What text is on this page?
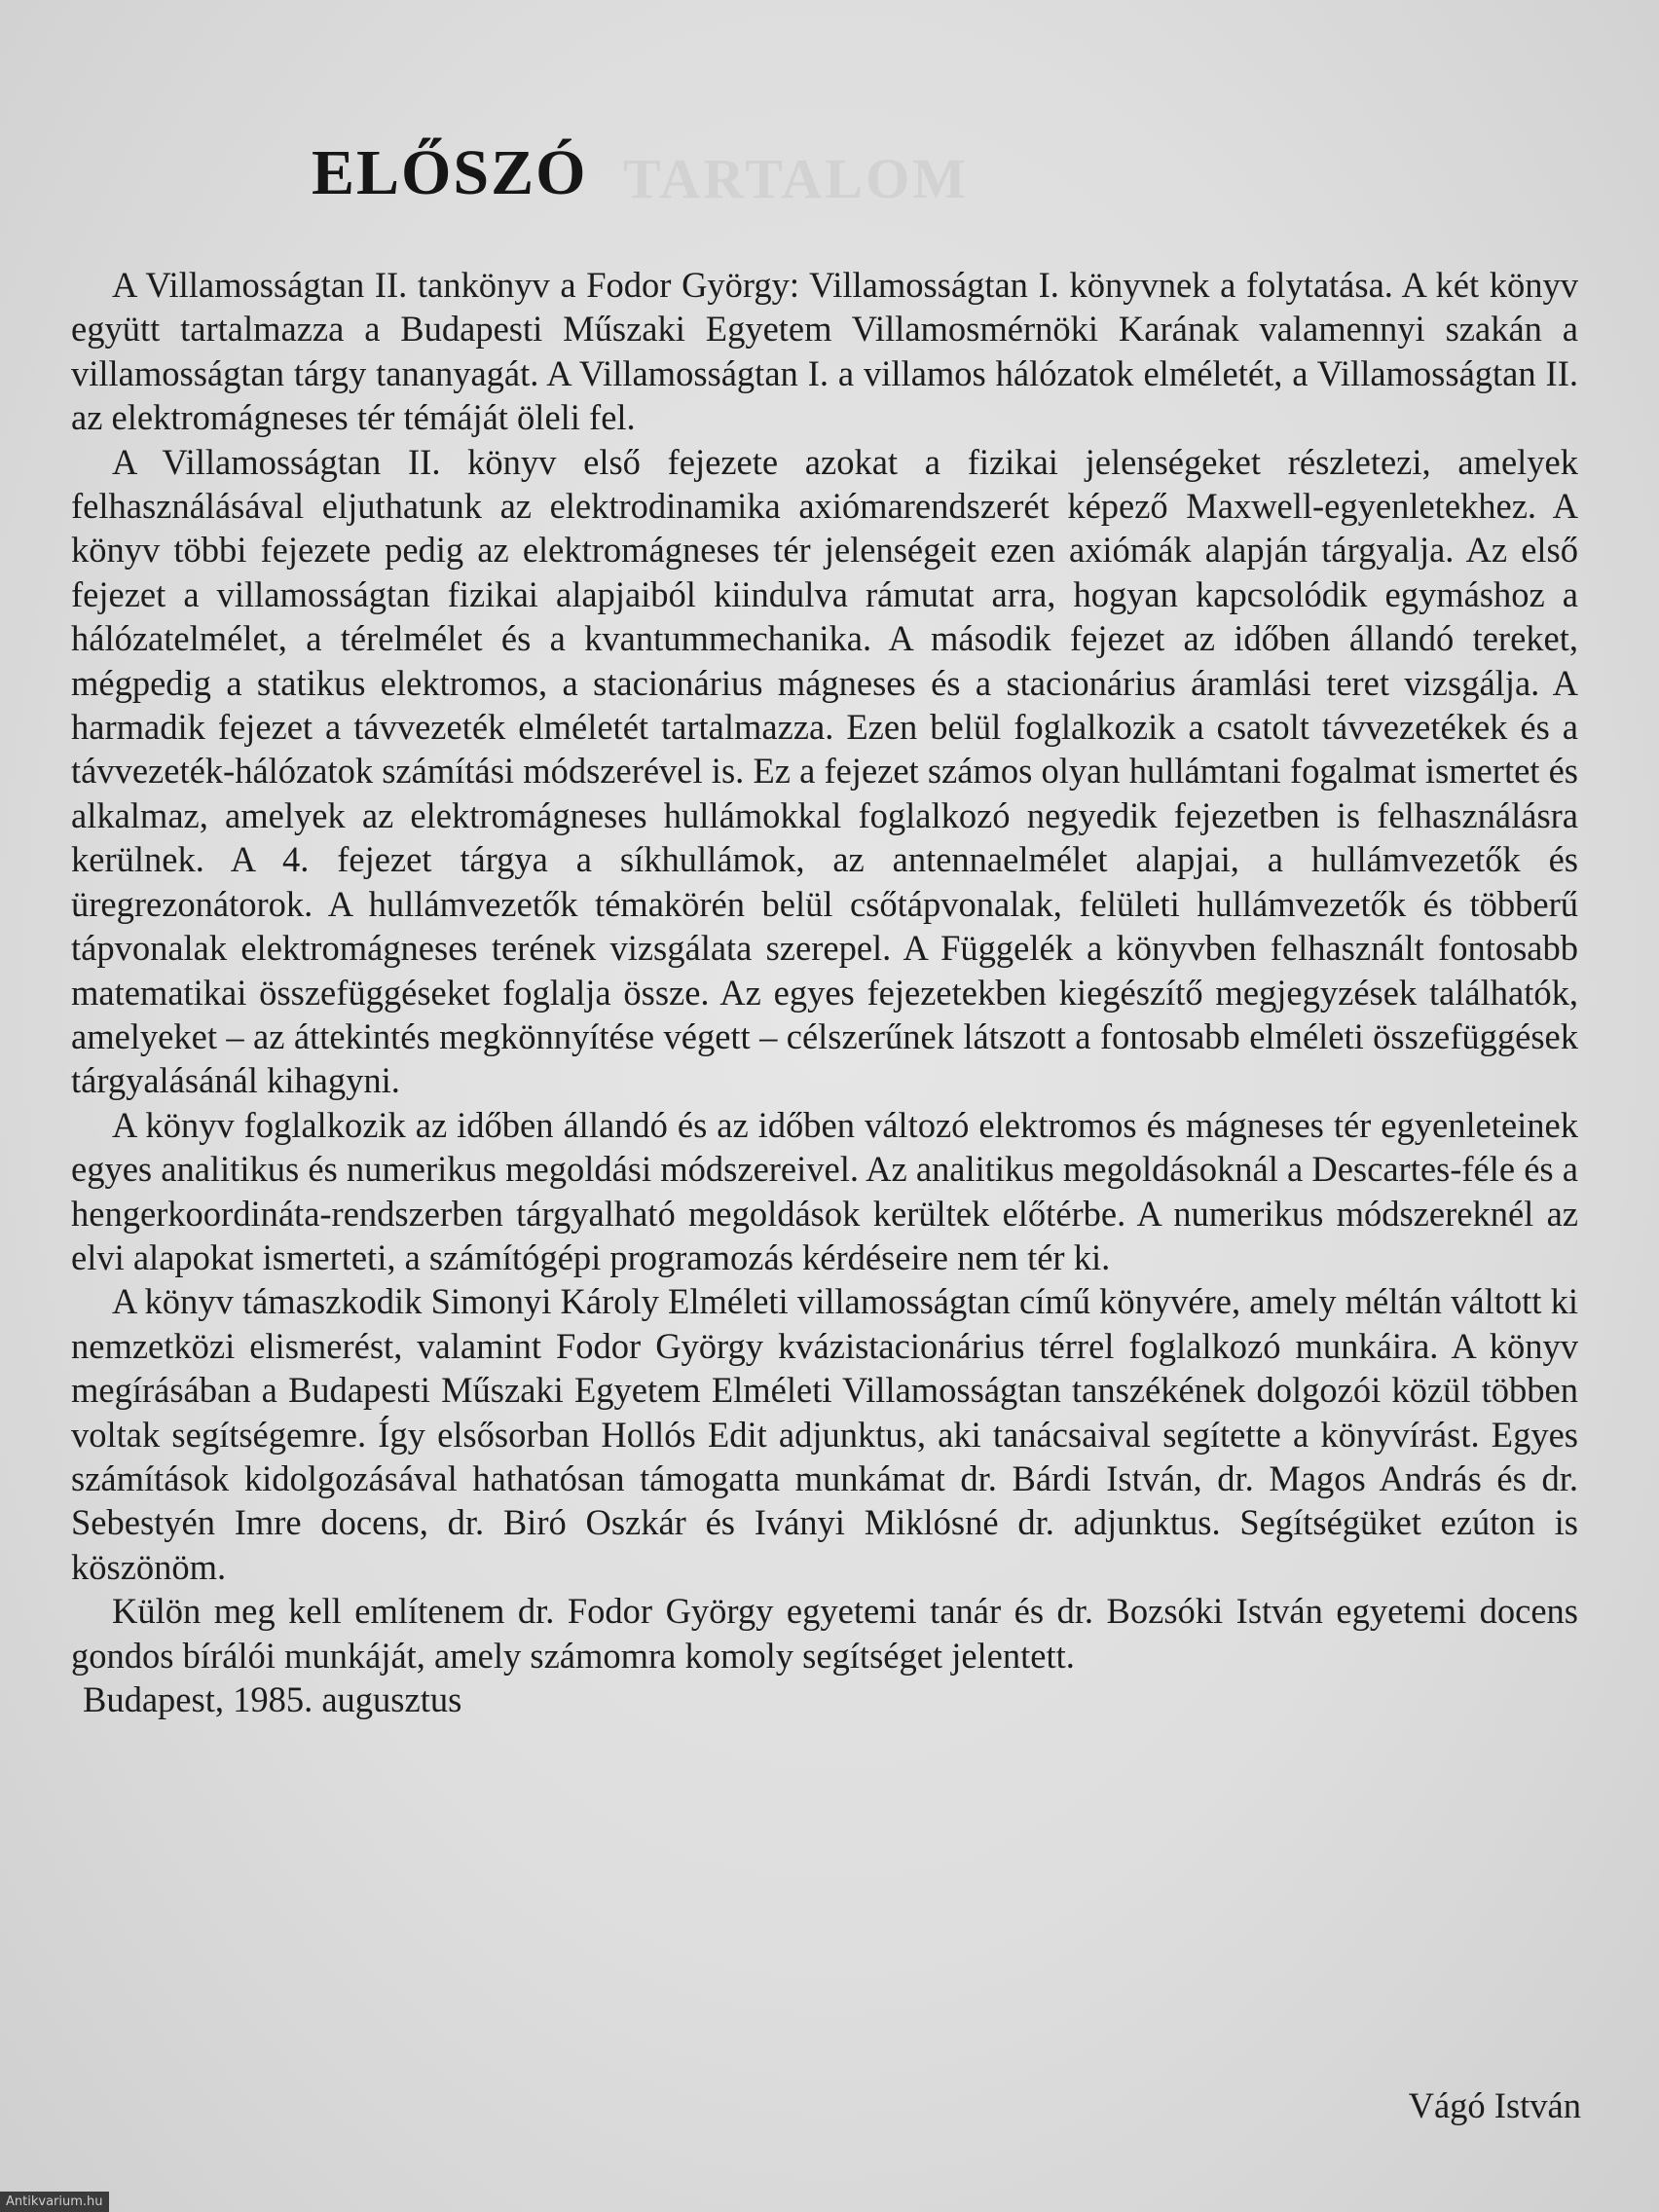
TARTALOM
ELŐSZÓ

A Villamosságtan II. tankönyv a Fodor György: Villamosságtan I. könyvnek a folytatása. A két könyv együtt tartalmazza a Budapesti Műszaki Egyetem Villamosmérnöki Karának valamennyi szakán a villamosságtan tárgy tananyagát. A Villamosságtan I. a villamos hálózatok elméletét, a Villamosságtan II. az elektromágneses tér témáját öleli fel.

A Villamosságtan II. könyv első fejezete azokat a fizikai jelenségeket részletezi, amelyek felhasználásával eljuthatunk az elektrodinamika axiómarendszerét képező Maxwell-egyenletekhez. A könyv többi fejezete pedig az elektromágneses tér jelenségeit ezen axiómák alapján tárgyalja. Az első fejezet a villamosságtan fizikai alapjaiból kiindulva rámutat arra, hogyan kapcsolódik egymáshoz a hálózatelmélet, a térelmélet és a kvantummechanika. A második fejezet az időben állandó tereket, mégpedig a statikus elektromos, a stacionárius mágneses és a stacionárius áramlási teret vizsgálja. A harmadik fejezet a távvezeték elméletét tartalmazza. Ezen belül foglalkozik a csatolt távvezetékek és a távvezeték-hálózatok számítási módszerével is. Ez a fejezet számos olyan hullámtani fogalmat ismertet és alkalmaz, amelyek az elektromágneses hullámokkal foglalkozó negyedik fejezetben is felhasználásra kerülnek. A 4. fejezet tárgya a síkhullámok, az antennaelmélet alapjai, a hullámvezetők és üregrezonátorok. A hullámvezetők témakörén belül csőtápvonalak, felületi hullámvezetők és többerű tápvonalak elektromágneses terének vizsgálata szerepel. A Függelék a könyvben felhasznált fontosabb matematikai összefüggéseket foglalja össze. Az egyes fejezetekben kiegészítő megjegyzések találhatók, amelyeket – az áttekintés megkönnyítése végett – célszerűnek látszott a fontosabb elméleti összefüggések tárgyalásánál kihagyni.

A könyv foglalkozik az időben állandó és az időben változó elektromos és mágneses tér egyenleteinek egyes analitikus és numerikus megoldási módszereivel. Az analitikus megoldásoknál a Descartes-féle és a hengerkoordináta-rendszerben tárgyalható megoldások kerültek előtérbe. A numerikus módszereknél az elvi alapokat ismerteti, a számítógépi programozás kérdéseire nem tér ki.

A könyv támaszkodik Simonyi Károly Elméleti villamosságtan című könyvére, amely méltán váltott ki nemzetközi elismerést, valamint Fodor György kvázistacionárius térrel foglalkozó munkáira. A könyv megírásában a Budapesti Műszaki Egyetem Elméleti Villamosságtan tanszékének dolgozói közül többen voltak segítségemre. Így elsősorban Hollós Edit adjunktus, aki tanácsaival segítette a könyvírást. Egyes számítások kidolgozásával hathatósan támogatta munkámat dr. Bárdi István, dr. Magos András és dr. Sebestyén Imre docens, dr. Biró Oszkár és Iványi Miklósné dr. adjunktus. Segítségüket ezúton is köszönöm.

Külön meg kell említenem dr. Fodor György egyetemi tanár és dr. Bozsóki István egyetemi docens gondos bírálói munkáját, amely számomra komoly segítséget jelentett.

Budapest, 1985. augusztus

Vágó István

Antikvarium.hu
